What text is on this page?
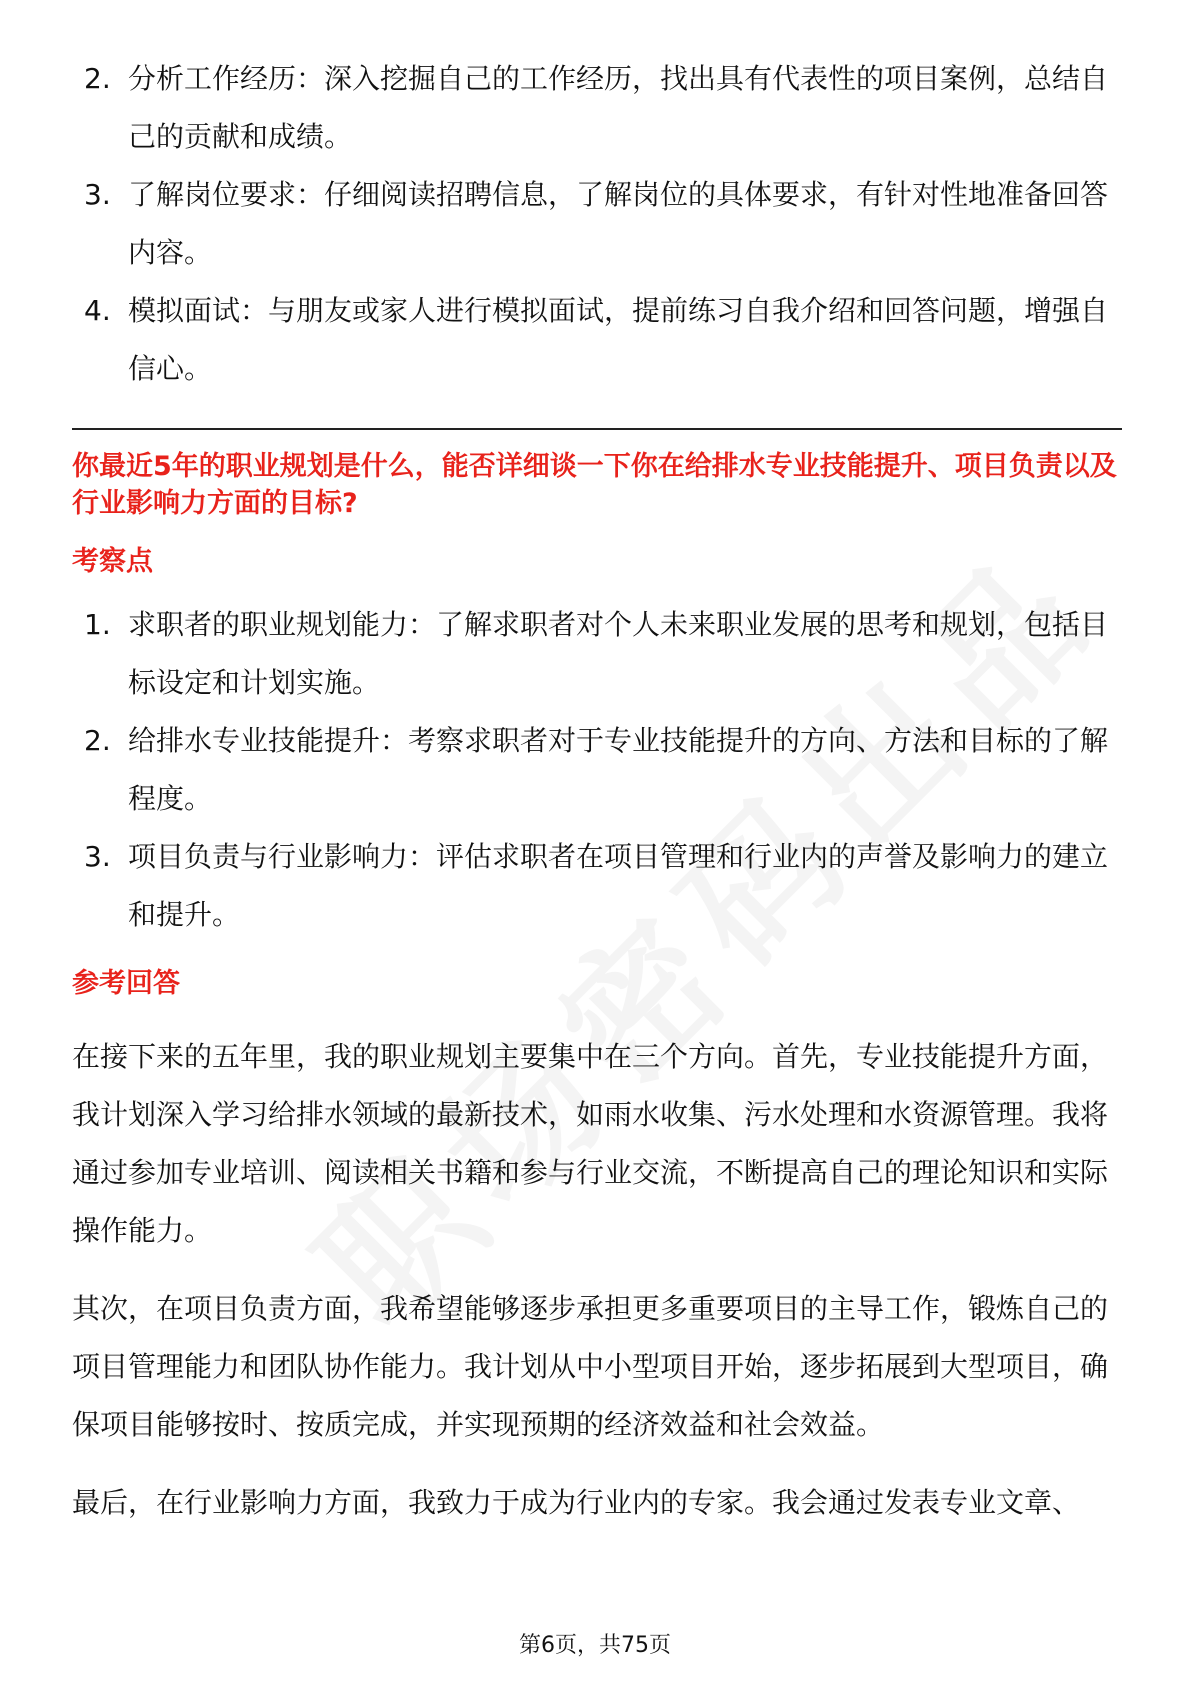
2. 分析工作经历：深入挖掘自己的工作经历，找出具有代表性的项目案例，总结自己的贡献和成绩。
3. 了解岗位要求：仔细阅读招聘信息，了解岗位的具体要求，有针对性地准备回答内容。
4. 模拟面试：与朋友或家人进行模拟面试，提前练习自我介绍和回答问题，增强自信心。
你最近5年的职业规划是什么，能否详细谈一下你在给排水专业技能提升、项目负责以及行业影响力方面的目标?
考察点
1. 求职者的职业规划能力：了解求职者对个人未来职业发展的思考和规划，包括目标设定和计划实施。
2. 给排水专业技能提升：考察求职者对于专业技能提升的方向、方法和目标的了解程度。
3. 项目负责与行业影响力：评估求职者在项目管理和行业内的声誉及影响力的建立和提升。
参考回答

在接下来的五年里，我的职业规划主要集中在三个方向。首先，专业技能提升方面，我计划深入学习给排水领域的最新技术，如雨水收集、污水处理和水资源管理。我将通过参加专业培训、阅读相关书籍和参与行业交流，不断提高自己的理论知识和实际操作能力。

其次，在项目负责方面，我希望能够逐步承担更多重要项目的主导工作，锻炼自己的项目管理能力和团队协作能力。我计划从中小型项目开始，逐步拓展到大型项目，确保项目能够按时、按质完成，并实现预期的经济效益和社会效益。

最后，在行业影响力方面，我致力于成为行业内的专家。我会通过发表专业文章、

第6页，共75页
